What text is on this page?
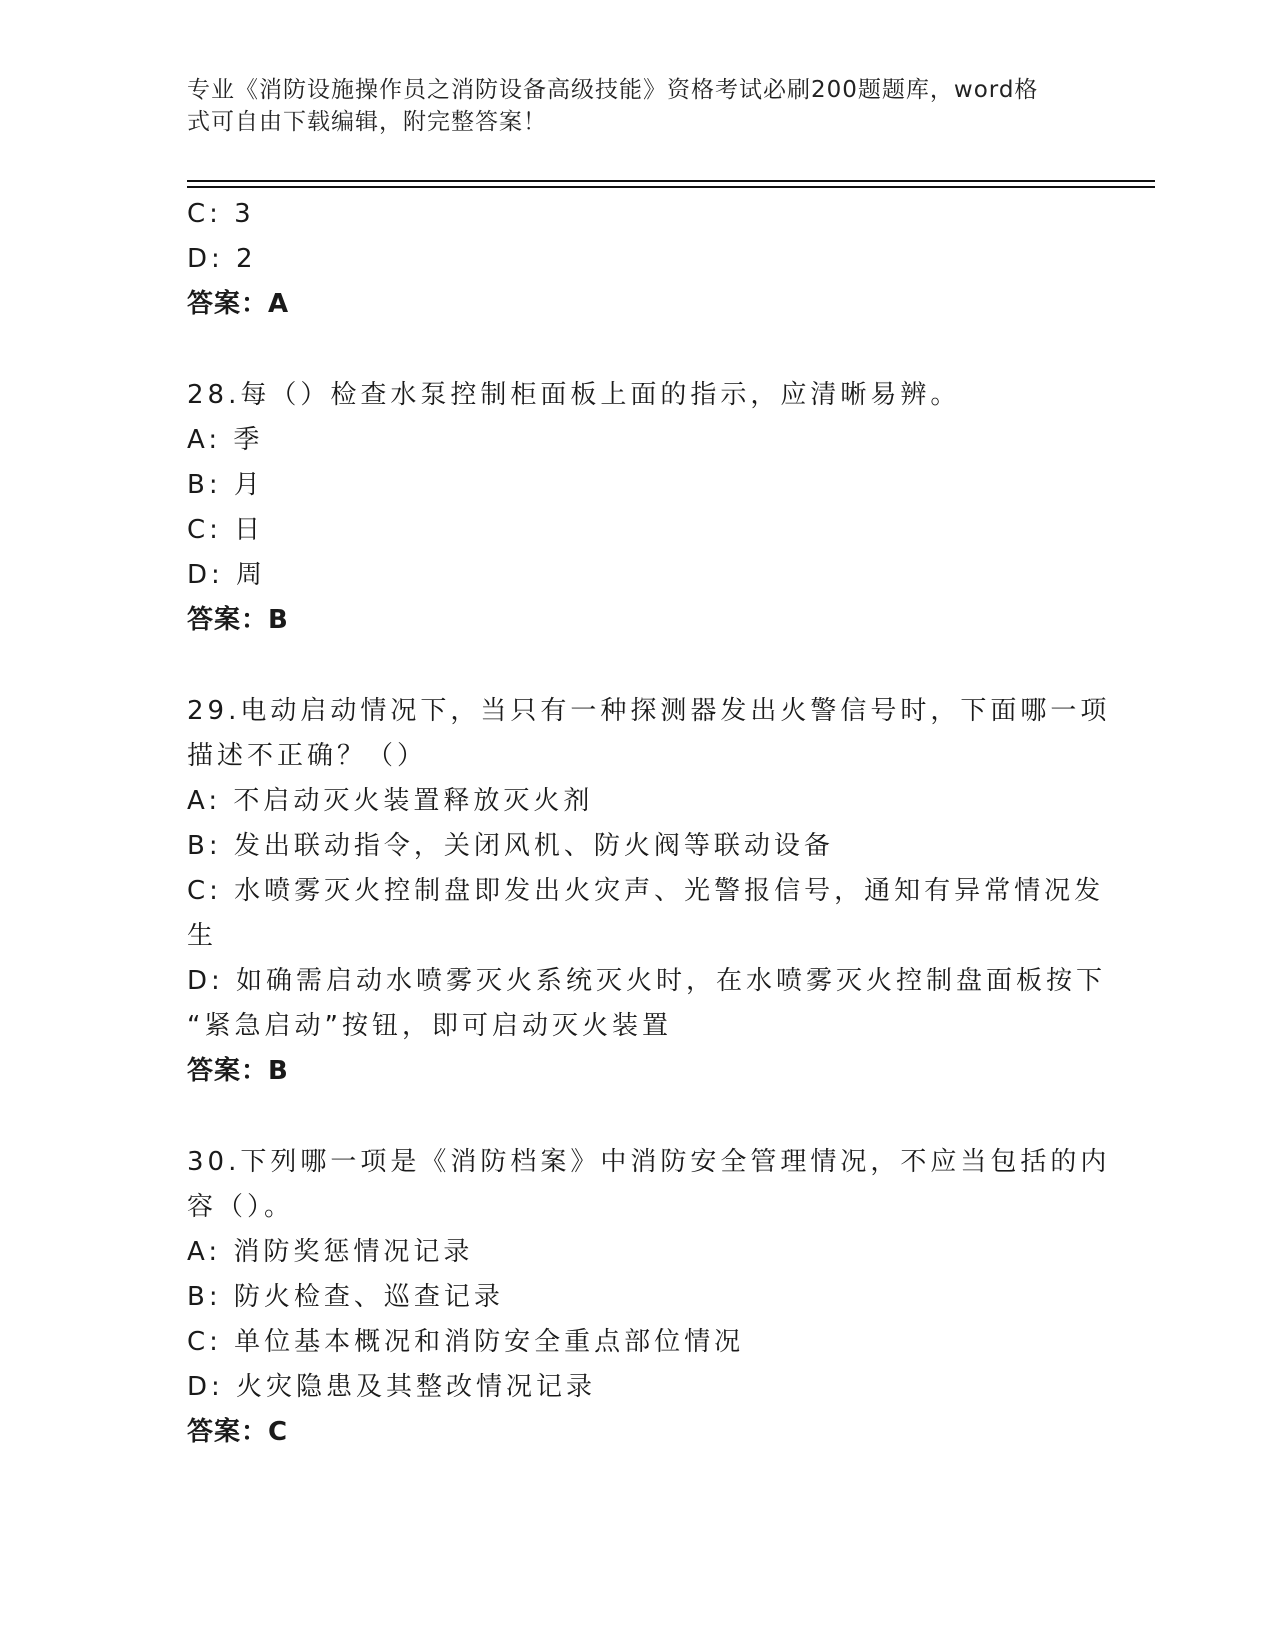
专业《消防设施操作员之消防设备高级技能》资格考试必刷200题题库，word格
式可自由下载编辑，附完整答案！
C: 3
D: 2
答案：A
28.每（）检查水泵控制柜面板上面的指示，应清晰易辨。
A: 季
B: 月
C: 日
D: 周
答案：B
29.电动启动情况下，当只有一种探测器发出火警信号时，下面哪一项
描述不正确？（）
A: 不启动灭火装置释放灭火剂
B: 发出联动指令，关闭风机、防火阀等联动设备
C: 水喷雾灭火控制盘即发出火灾声、光警报信号，通知有异常情况发
生
D: 如确需启动水喷雾灭火系统灭火时，在水喷雾灭火控制盘面板按下
“紧急启动”按钮，即可启动灭火装置
答案：B
30.下列哪一项是《消防档案》中消防安全管理情况，不应当包括的内
容（）。
A: 消防奖惩情况记录
B: 防火检查、巡查记录
C: 单位基本概况和消防安全重点部位情况
D: 火灾隐患及其整改情况记录
答案：C
